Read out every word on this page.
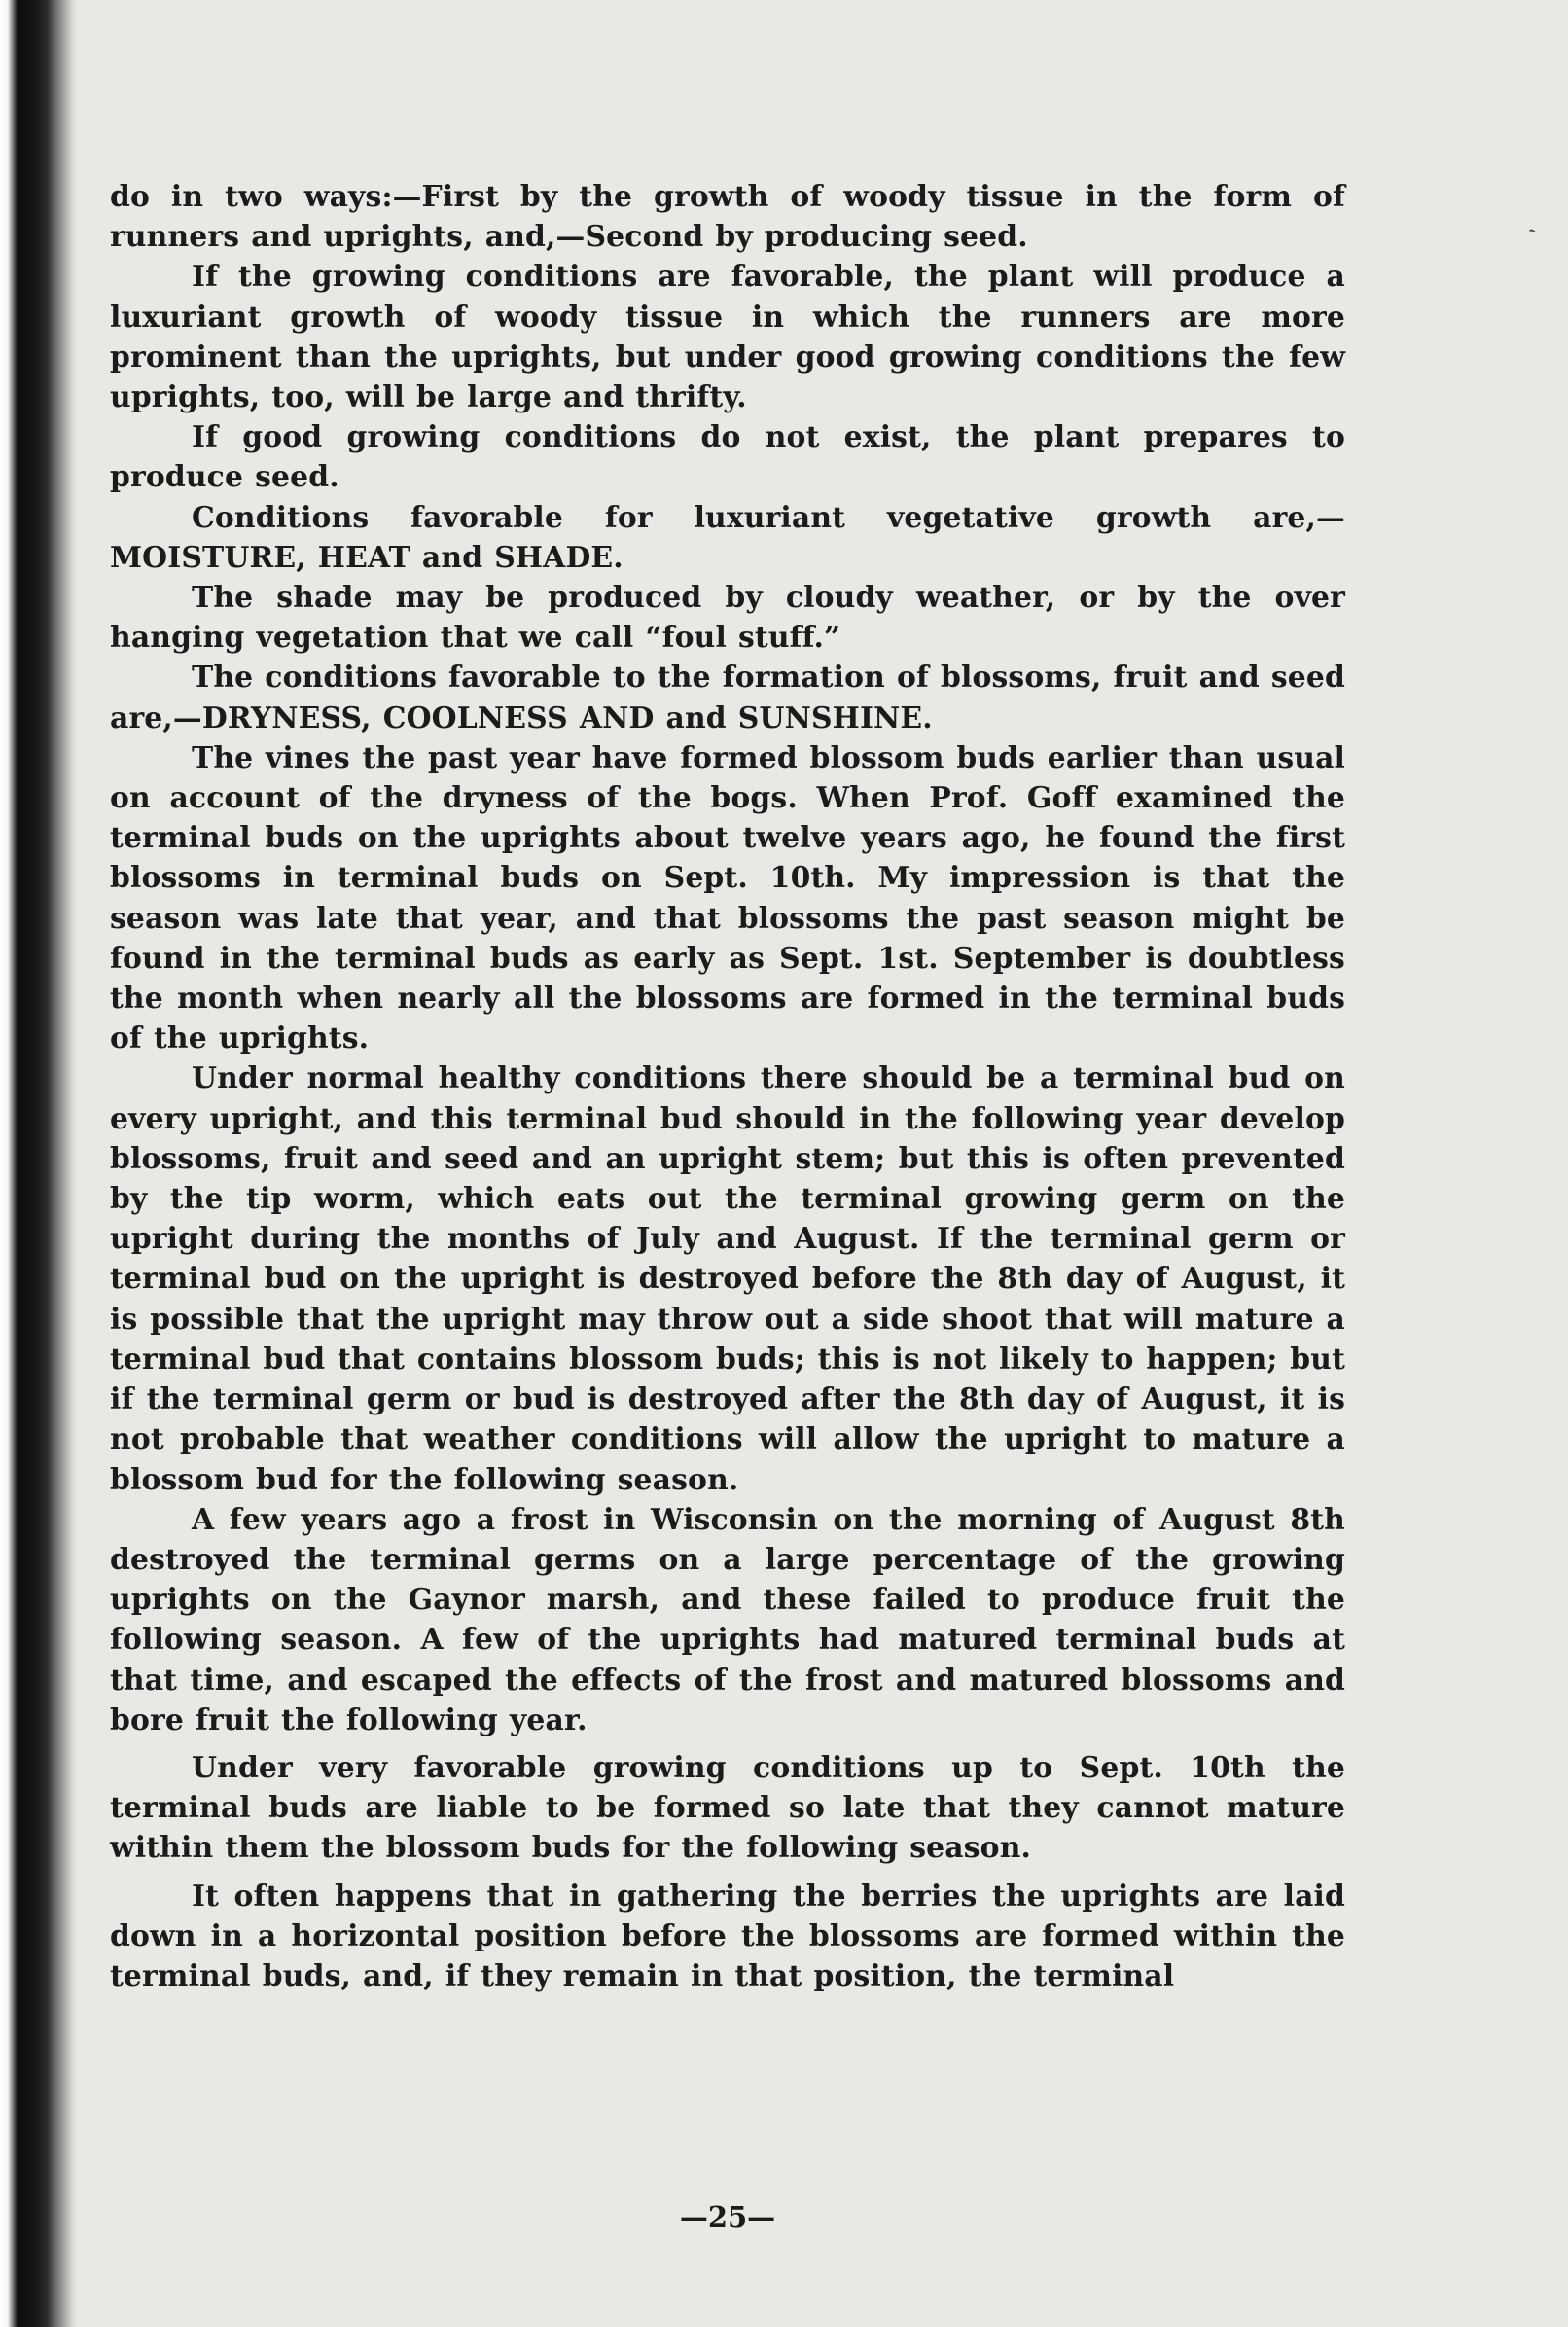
ˏ

do in two ways:—First by the growth of woody tissue in the form of runners and uprights, and,—Second by producing seed.

If the growing conditions are favorable, the plant will produce a luxuriant growth of woody tissue in which the runners are more prominent than the uprights, but under good growing conditions the few uprights, too, will be large and thrifty.

If good growing conditions do not exist, the plant prepares to produce seed.

Conditions favorable for luxuriant vegetative growth are,—MOISTURE, HEAT and SHADE.

The shade may be produced by cloudy weather, or by the over hanging vegetation that we call “foul stuff.”

The conditions favorable to the formation of blossoms, fruit and seed are,—DRYNESS, COOLNESS AND and SUNSHINE.

The vines the past year have formed blossom buds earlier than usual on account of the dryness of the bogs. When Prof. Goff examined the terminal buds on the uprights about twelve years ago, he found the first blossoms in terminal buds on Sept. 10th. My impression is that the season was late that year, and that blossoms the past season might be found in the terminal buds as early as Sept. 1st. September is doubtless the month when nearly all the blossoms are formed in the terminal buds of the uprights.

Under normal healthy conditions there should be a terminal bud on every upright, and this terminal bud should in the following year develop blossoms, fruit and seed and an upright stem; but this is often prevented by the tip worm, which eats out the terminal growing germ on the upright during the months of July and August. If the terminal germ or terminal bud on the upright is destroyed before the 8th day of August, it is possible that the upright may throw out a side shoot that will mature a terminal bud that contains blossom buds; this is not likely to happen; but if the terminal germ or bud is destroyed after the 8th day of August, it is not probable that weather conditions will allow the upright to mature a blossom bud for the following season.

A few years ago a frost in Wisconsin on the morning of August 8th destroyed the terminal germs on a large percentage of the growing uprights on the Gaynor marsh, and these failed to produce fruit the following season. A few of the uprights had matured terminal buds at that time, and escaped the effects of the frost and matured blossoms and bore fruit the following year.

Under very favorable growing conditions up to Sept. 10th the terminal buds are liable to be formed so late that they cannot mature within them the blossom buds for the following season.

It often happens that in gathering the berries the uprights are laid down in a horizontal position before the blossoms are formed within the terminal buds, and, if they remain in that position, the terminal

—25—
